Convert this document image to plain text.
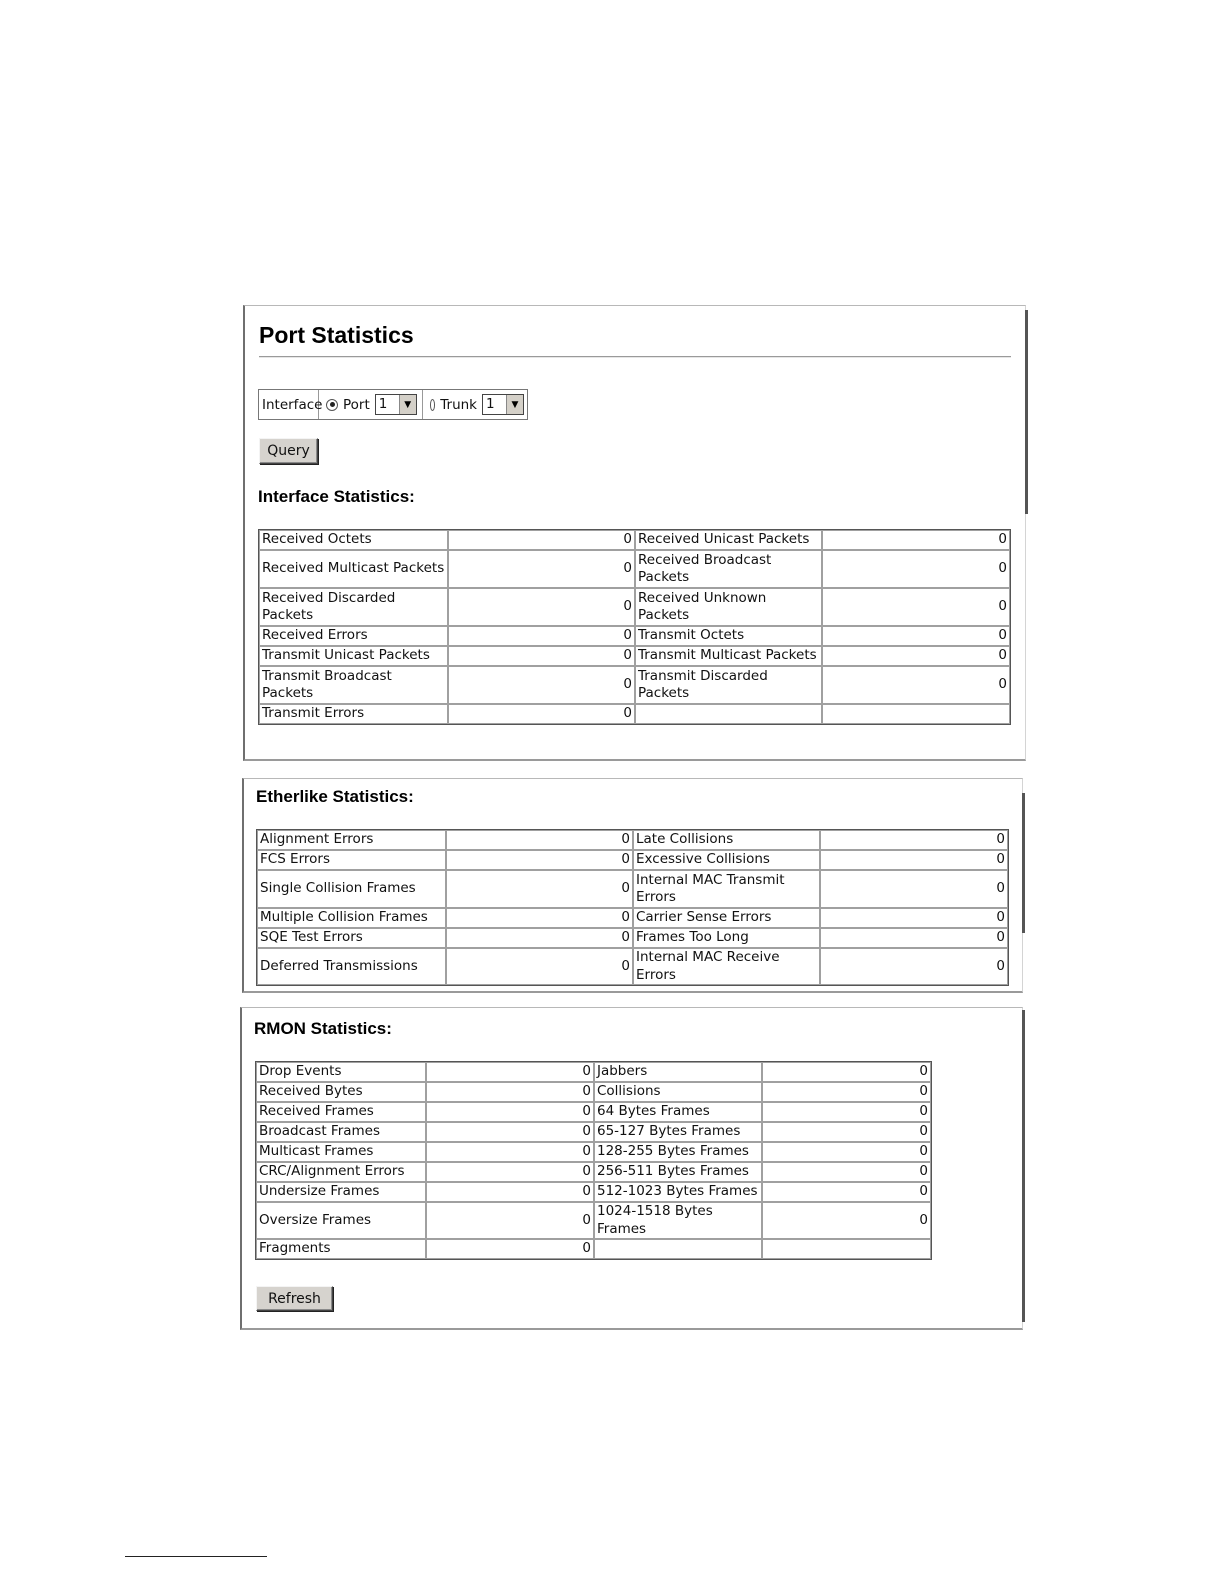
Port Statistics
Interface Port 1	▼	Trunk 1	▼
Query
Interface Statistics:
Received Octets	0	Received Unicast Packets	0
Received Multicast Packets	0	Received Broadcast Packets	0
Received Discarded Packets	0	Received Unknown Packets	0
Received Errors	0	Transmit Octets	0
Transmit Unicast Packets	0	Transmit Multicast Packets	0
Transmit Broadcast Packets	0	Transmit Discarded Packets	0
Transmit Errors	0		
Etherlike Statistics:
Alignment Errors	0	Late Collisions	0
FCS Errors	0	Excessive Collisions	0
Single Collision Frames	0	Internal MAC Transmit Errors	0
Multiple Collision Frames	0	Carrier Sense Errors	0
SQE Test Errors	0	Frames Too Long	0
Deferred Transmissions	0	Internal MAC Receive Errors	0
RMON Statistics:
Drop Events	0	Jabbers	0
Received Bytes	0	Collisions	0
Received Frames	0	64 Bytes Frames	0
Broadcast Frames	0	65-127 Bytes Frames	0
Multicast Frames	0	128-255 Bytes Frames	0
CRC/Alignment Errors	0	256-511 Bytes Frames	0
Undersize Frames	0	512-1023 Bytes Frames	0
Oversize Frames	0	1024-1518 Bytes Frames	0
Fragments	0		
Refresh
